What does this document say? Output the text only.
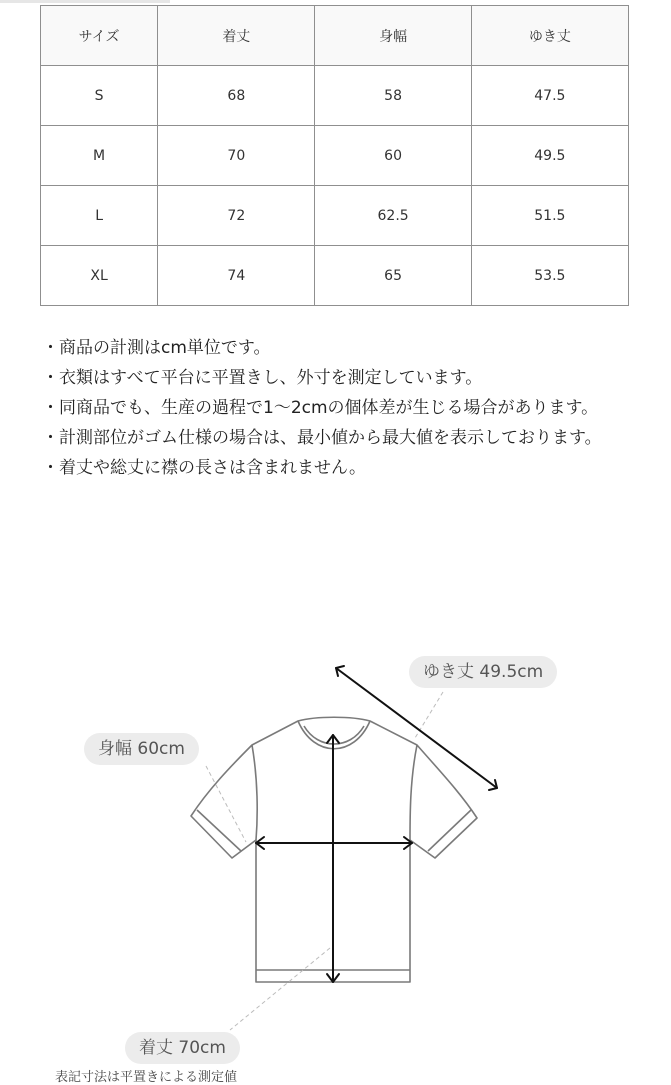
サイズ	着丈	身幅	ゆき丈
S	68	58	47.5
M	70	60	49.5
L	72	62.5	51.5
XL	74	65	53.5
・商品の計測はcm単位です。
・衣類はすべて平台に平置きし、外寸を測定しています。
・同商品でも、生産の過程で1〜2cmの個体差が生じる場合があります。
・計測部位がゴム仕様の場合は、最小値から最大値を表示しております。
・着丈や総丈に襟の長さは含まれません。
ゆき丈 49.5cm
身幅 60cm
着丈 70cm
表記寸法は平置きによる測定値
